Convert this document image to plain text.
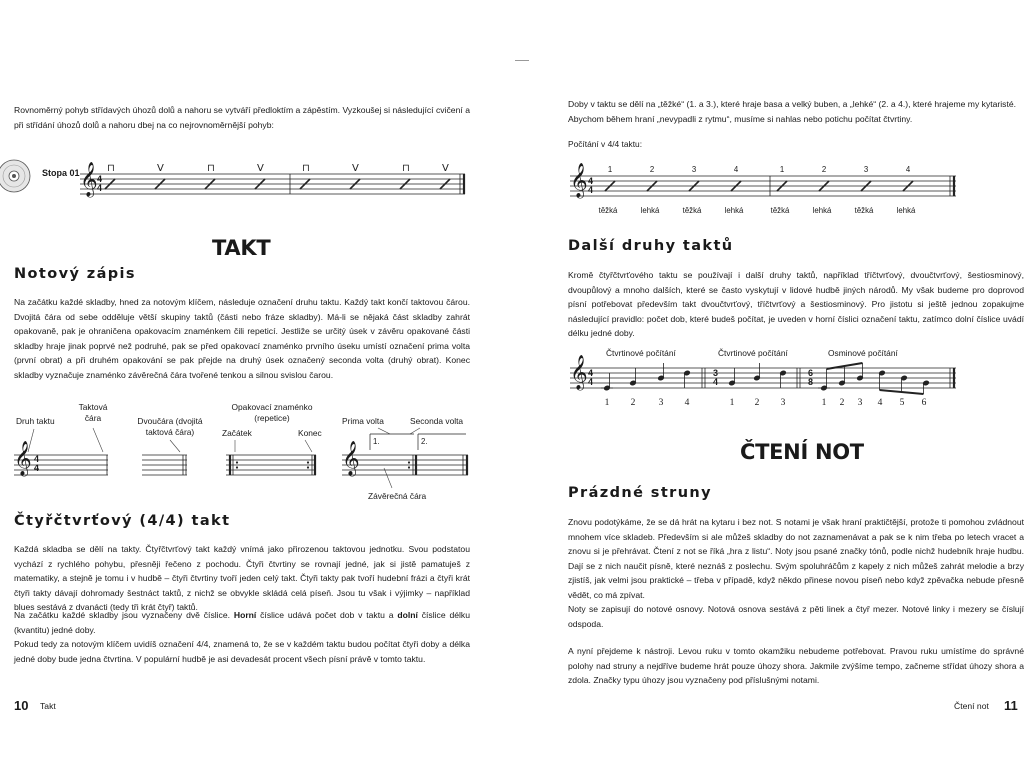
Rovnoměrný pohyb střídavých úhozů dolů a nahoru se vytváří předloktím a zápěstím. Vyzkoušej si následující cvičení a při střídání úhozů dolů a nahoru dbej na co nejrovnoměrnější pohyb:

Stopa 01	⊓	V	⊓	V	⊓	V	⊓	V
𝄞 4
4
TAKT
Notový zápis

Na začátku každé skladby, hned za notovým klíčem, následuje označení druhu taktu. Každý takt končí taktovou čárou. Dvojitá čára od sebe odděluje větší skupiny taktů (části nebo fráze skladby). Má-li se nějaká část skladby zahrát opakovaně, pak je ohraničena opakovacím znaménkem čili repeticí. Jestliže se určitý úsek v závěru opakované části skladby hraje jinak poprvé než podruhé, pak se před opakovací znaménko prvního úseku umístí označení prima volta (první obrat) a při druhém opakování se pak přejde na druhý úsek označený seconda volta (druhý obrat). Konec skladby vyznačuje znaménko závěrečná čára tvořené tenkou a silnou svislou čarou.

Druh taktu
Taktová
čára	Dvoučára (dvojitá
taktová čára)
Opakovací znaménko
(repetice)
Začátek	Konec
Prima volta	Seconda volta
Závěrečná čára
1.	2.
𝄞 4
4	𝄞
Čtyřčtvrťový (4/4) takt

Každá skladba se dělí na takty. Čtyřčtvrťový takt každý vnímá jako přirozenou taktovou jednotku. Svou podstatou vychází z rychlého pohybu, přesněji řečeno z pochodu. Čtyři čtvrtiny se rovnají jedné, jak si jistě pamatuješ z matematiky, a stejně je tomu i v hudbě – čtyři čtvrtiny tvoří jeden celý takt. Čtyři takty pak tvoří hudební frázi a čtyři krát čtyři takty dávají dohromady šestnáct taktů, z nichž se obvykle skládá celá píseň. Jsou tu však i výjimky – například blues sestává z dvanácti (tedy tři krát čtyř) taktů.

Na začátku každé skladby jsou vyznačeny dvě číslice. Horní číslice udává počet dob v taktu a dolní číslice délku (kvantitu) jedné doby.

Pokud tedy za notovým klíčem uvidíš označení 4/4, znamená to, že se v každém taktu budou počítat čtyři doby a délka jedné doby bude jedna čtvrtina. V populární hudbě je asi devadesát procent všech písní právě v tomto taktu.

10 Takt

Doby v taktu se dělí na „těžké“ (1. a 3.), které hraje basa a velký buben, a „lehké“ (2. a 4.), které hrajeme my kytaristé. Abychom během hraní „nevypadli z rytmu“, musíme si nahlas nebo potichu počítat čtvrtiny.

Počítání v 4/4 taktu:
𝄞 4
4
1	2	3	4	1	2	3	4
těžká	lehká	těžká	lehká	těžká	lehká	těžká	lehká
Další druhy taktů

Kromě čtyřčtvrťového taktu se používají i další druhy taktů, například tříčtvrťový, dvoučtvrťový, šestiosminový, dvoupůlový a mnoho dalších, které se často vyskytují v lidové hudbě jiných národů. My však budeme pro doprovod písní potřebovat především takt dvoučtvrťový, tříčtvrťový a šestiosminový. Pro jistotu si ještě jednou zopakujme následující pravidlo: počet dob, které budeš počítat, je uveden v horní číslici označení taktu, zatímco dolní číslice uvádí délku jedné doby.

Čtvrtinové počítání	Čtvrtinové počítání	Osminové počítání
𝄞 4
4
3
4
6
8
1 2 3 4	1 2 3	1 2 3 4 5 6
ČTENÍ NOT
Prázdné struny

Znovu podotýkáme, že se dá hrát na kytaru i bez not. S notami je však hraní praktičtější, protože ti pomohou zvládnout mnohem více skladeb. Především si ale můžeš skladby do not zaznamenávat a pak se k nim třeba po letech vracet a znovu si je přehrávat. Čtení z not se říká „hra z listu“. Noty jsou psané značky tónů, podle nichž hudebník hraje hudbu. Dají se z nich naučit písně, které neznáš z poslechu. Svým spoluhráčům z kapely z nich můžeš zahrát melodie a brzy zjistíš, jak velmi jsou praktické – třeba v případě, když někdo přinese novou píseň nebo když zpěvačka nebude přesně vědět, co má zpívat.

Noty se zapisují do notové osnovy. Notová osnova sestává z pěti linek a čtyř mezer. Notové linky i mezery se číslují odspoda.

A nyní přejdeme k nástroji. Levou ruku v tomto okamžiku nebudeme potřebovat. Pravou ruku umístíme do správné polohy nad struny a nejdříve budeme hrát pouze úhozy shora. Jakmile zvýšíme tempo, začneme střídat úhozy shora a zdola. Značky typu úhozy jsou vyznačeny pod příslušnými notami.

Čtení not 11
